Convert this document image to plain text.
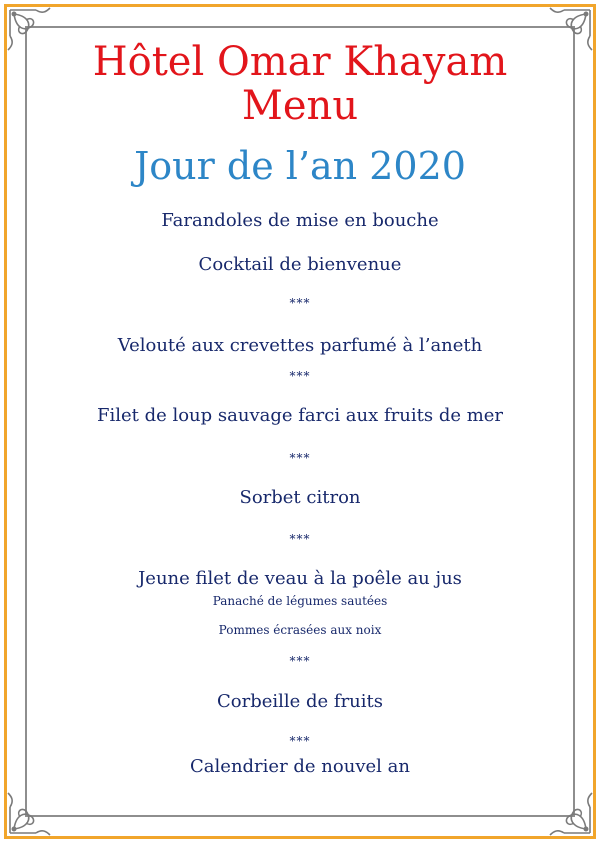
Hôtel Omar Khayam
Menu
Jour de l’an 2020

Farandoles de mise en bouche

Cocktail de bienvenue

***

Velouté aux crevettes parfumé à l’aneth

***

Filet de loup sauvage farci aux fruits de mer

***

Sorbet citron

***

Jeune filet de veau à la poêle au jus

Panaché de légumes sautées

Pommes écrasées aux noix

***

Corbeille de fruits

***

Calendrier de nouvel an
